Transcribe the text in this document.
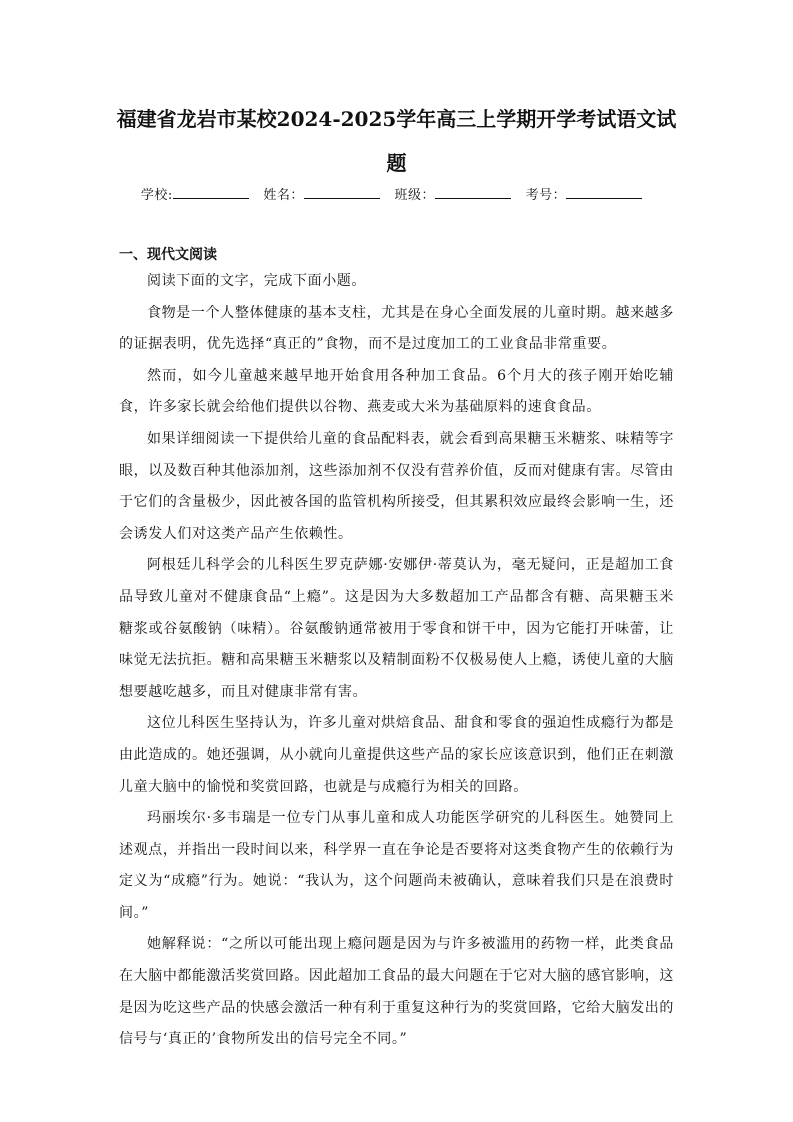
福建省龙岩市某校2024-2025学年高三上学期开学考试语文试
题
学校:	姓名：	班级：	考号：
一、现代文阅读

阅读下面的文字，完成下面小题。

食物是一个人整体健康的基本支柱，尤其是在身心全面发展的儿童时期。越来越多的证据表明，优先选择“真正的”食物，而不是过度加工的工业食品非常重要。

然而，如今儿童越来越早地开始食用各种加工食品。6个月大的孩子刚开始吃辅食，许多家长就会给他们提供以谷物、燕麦或大米为基础原料的速食食品。

如果详细阅读一下提供给儿童的食品配料表，就会看到高果糖玉米糖浆、味精等字眼，以及数百种其他添加剂，这些添加剂不仅没有营养价值，反而对健康有害。尽管由于它们的含量极少，因此被各国的监管机构所接受，但其累积效应最终会影响一生，还会诱发人们对这类产品产生依赖性。

阿根廷儿科学会的儿科医生罗克萨娜·安娜伊·蒂莫认为，毫无疑问，正是超加工食品导致儿童对不健康食品“上瘾”。这是因为大多数超加工产品都含有糖、高果糖玉米糖浆或谷氨酸钠（味精）。谷氨酸钠通常被用于零食和饼干中，因为它能打开味蕾，让味觉无法抗拒。糖和高果糖玉米糖浆以及精制面粉不仅极易使人上瘾，诱使儿童的大脑想要越吃越多，而且对健康非常有害。

这位儿科医生坚持认为，许多儿童对烘焙食品、甜食和零食的强迫性成瘾行为都是由此造成的。她还强调，从小就向儿童提供这些产品的家长应该意识到，他们正在刺激儿童大脑中的愉悦和奖赏回路，也就是与成瘾行为相关的回路。

玛丽埃尔·多韦瑞是一位专门从事儿童和成人功能医学研究的儿科医生。她赞同上述观点，并指出一段时间以来，科学界一直在争论是否要将对这类食物产生的依赖行为定义为“成瘾”行为。她说：“我认为，这个问题尚未被确认，意味着我们只是在浪费时间。”

她解释说：“之所以可能出现上瘾问题是因为与许多被滥用的药物一样，此类食品在大脑中都能激活奖赏回路。因此超加工食品的最大问题在于它对大脑的感官影响，这是因为吃这些产品的快感会激活一种有利于重复这种行为的奖赏回路，它给大脑发出的信号与‘真正的’食物所发出的信号完全不同。”
